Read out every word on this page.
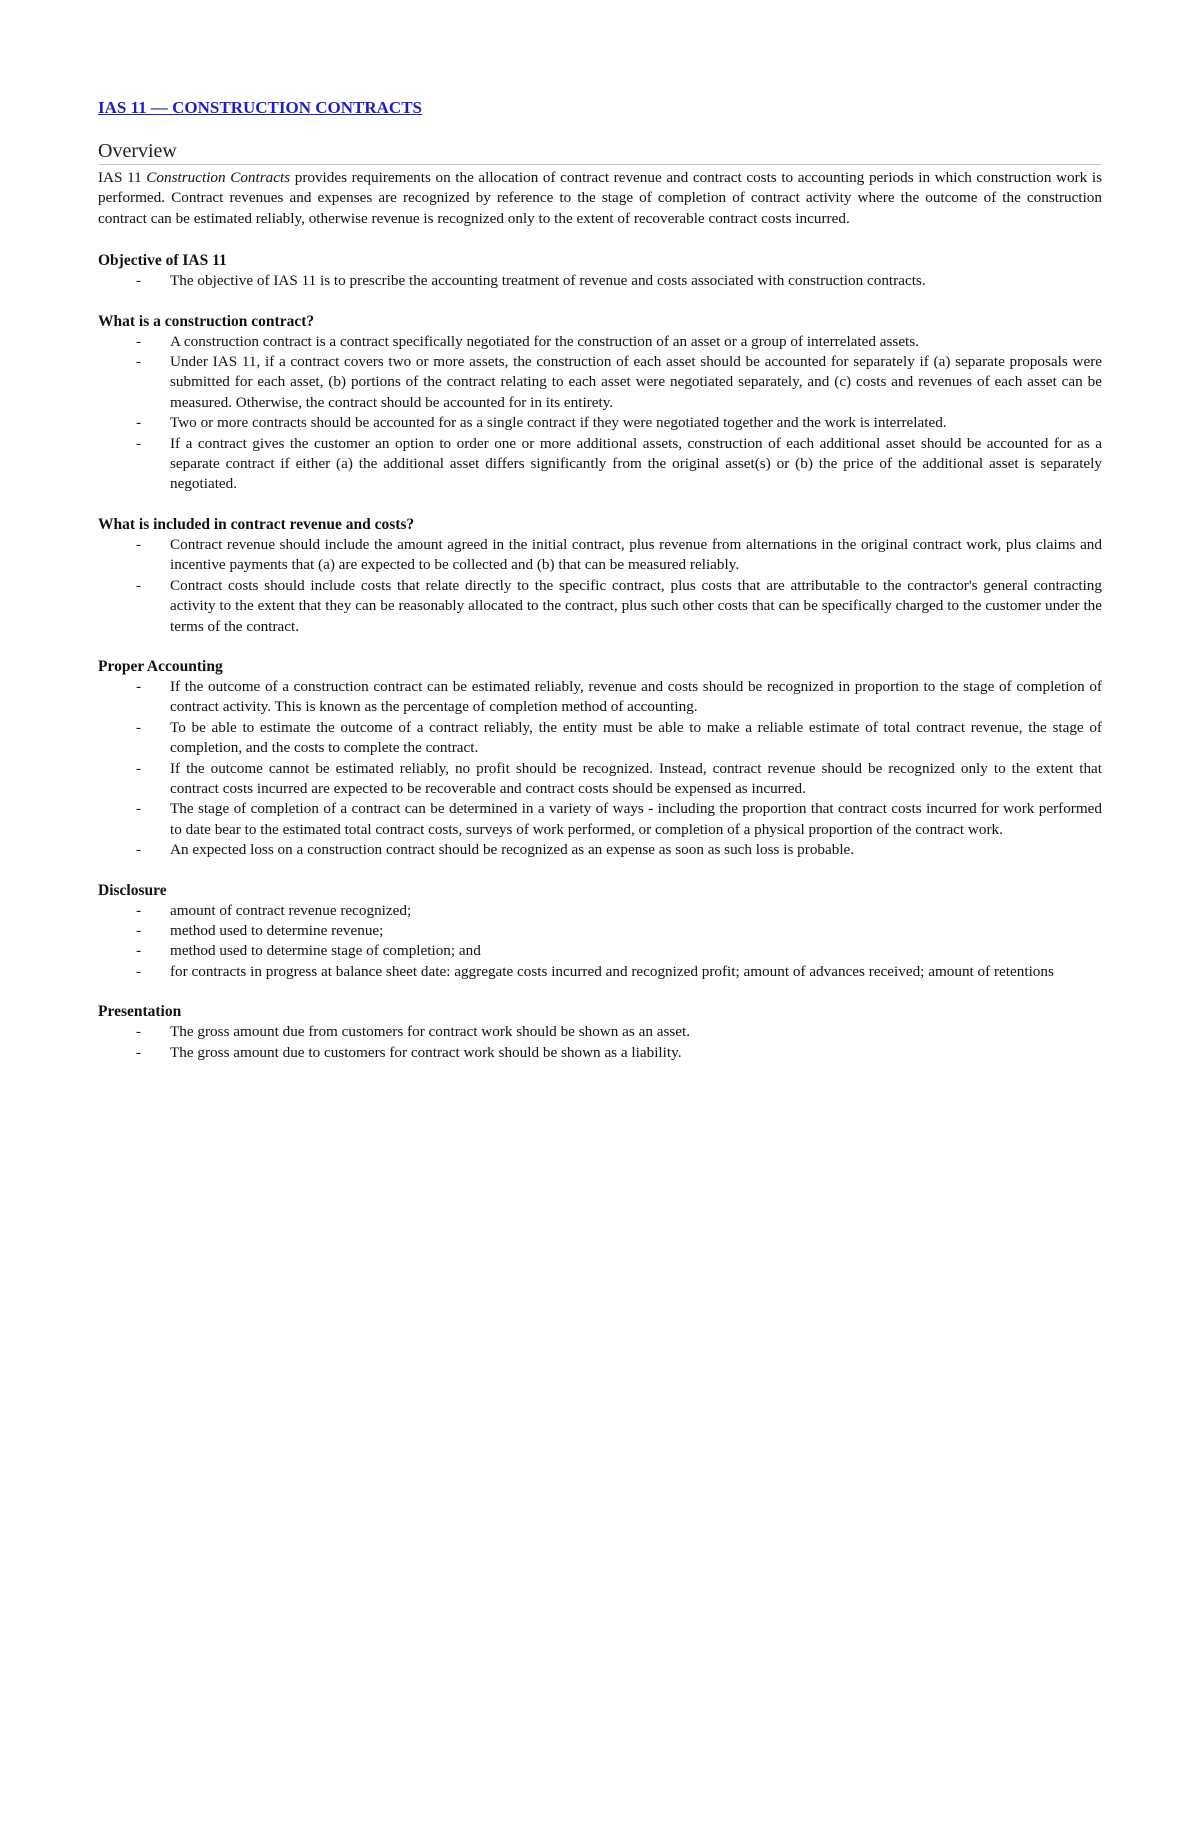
IAS 11 — CONSTRUCTION CONTRACTS
Overview

IAS 11 Construction Contracts provides requirements on the allocation of contract revenue and contract costs to accounting periods in which construction work is performed. Contract revenues and expenses are recognized by reference to the stage of completion of contract activity where the outcome of the construction contract can be estimated reliably, otherwise revenue is recognized only to the extent of recoverable contract costs incurred.

Objective of IAS 11
- The objective of IAS 11 is to prescribe the accounting treatment of revenue and costs associated with construction contracts.
What is a construction contract?
- A construction contract is a contract specifically negotiated for the construction of an asset or a group of interrelated assets.
- Under IAS 11, if a contract covers two or more assets, the construction of each asset should be accounted for separately if (a) separate proposals were submitted for each asset, (b) portions of the contract relating to each asset were negotiated separately, and (c) costs and revenues of each asset can be measured. Otherwise, the contract should be accounted for in its entirety.
- Two or more contracts should be accounted for as a single contract if they were negotiated together and the work is interrelated.
- If a contract gives the customer an option to order one or more additional assets, construction of each additional asset should be accounted for as a separate contract if either (a) the additional asset differs significantly from the original asset(s) or (b) the price of the additional asset is separately negotiated.
What is included in contract revenue and costs?
- Contract revenue should include the amount agreed in the initial contract, plus revenue from alternations in the original contract work, plus claims and incentive payments that (a) are expected to be collected and (b) that can be measured reliably.
- Contract costs should include costs that relate directly to the specific contract, plus costs that are attributable to the contractor's general contracting activity to the extent that they can be reasonably allocated to the contract, plus such other costs that can be specifically charged to the customer under the terms of the contract.
Proper Accounting
- If the outcome of a construction contract can be estimated reliably, revenue and costs should be recognized in proportion to the stage of completion of contract activity. This is known as the percentage of completion method of accounting.
- To be able to estimate the outcome of a contract reliably, the entity must be able to make a reliable estimate of total contract revenue, the stage of completion, and the costs to complete the contract.
- If the outcome cannot be estimated reliably, no profit should be recognized. Instead, contract revenue should be recognized only to the extent that contract costs incurred are expected to be recoverable and contract costs should be expensed as incurred.
- The stage of completion of a contract can be determined in a variety of ways - including the proportion that contract costs incurred for work performed to date bear to the estimated total contract costs, surveys of work performed, or completion of a physical proportion of the contract work.
- An expected loss on a construction contract should be recognized as an expense as soon as such loss is probable.
Disclosure
- amount of contract revenue recognized;
- method used to determine revenue;
- method used to determine stage of completion; and
- for contracts in progress at balance sheet date: aggregate costs incurred and recognized profit; amount of advances received; amount of retentions
Presentation
- The gross amount due from customers for contract work should be shown as an asset.
- The gross amount due to customers for contract work should be shown as a liability.
